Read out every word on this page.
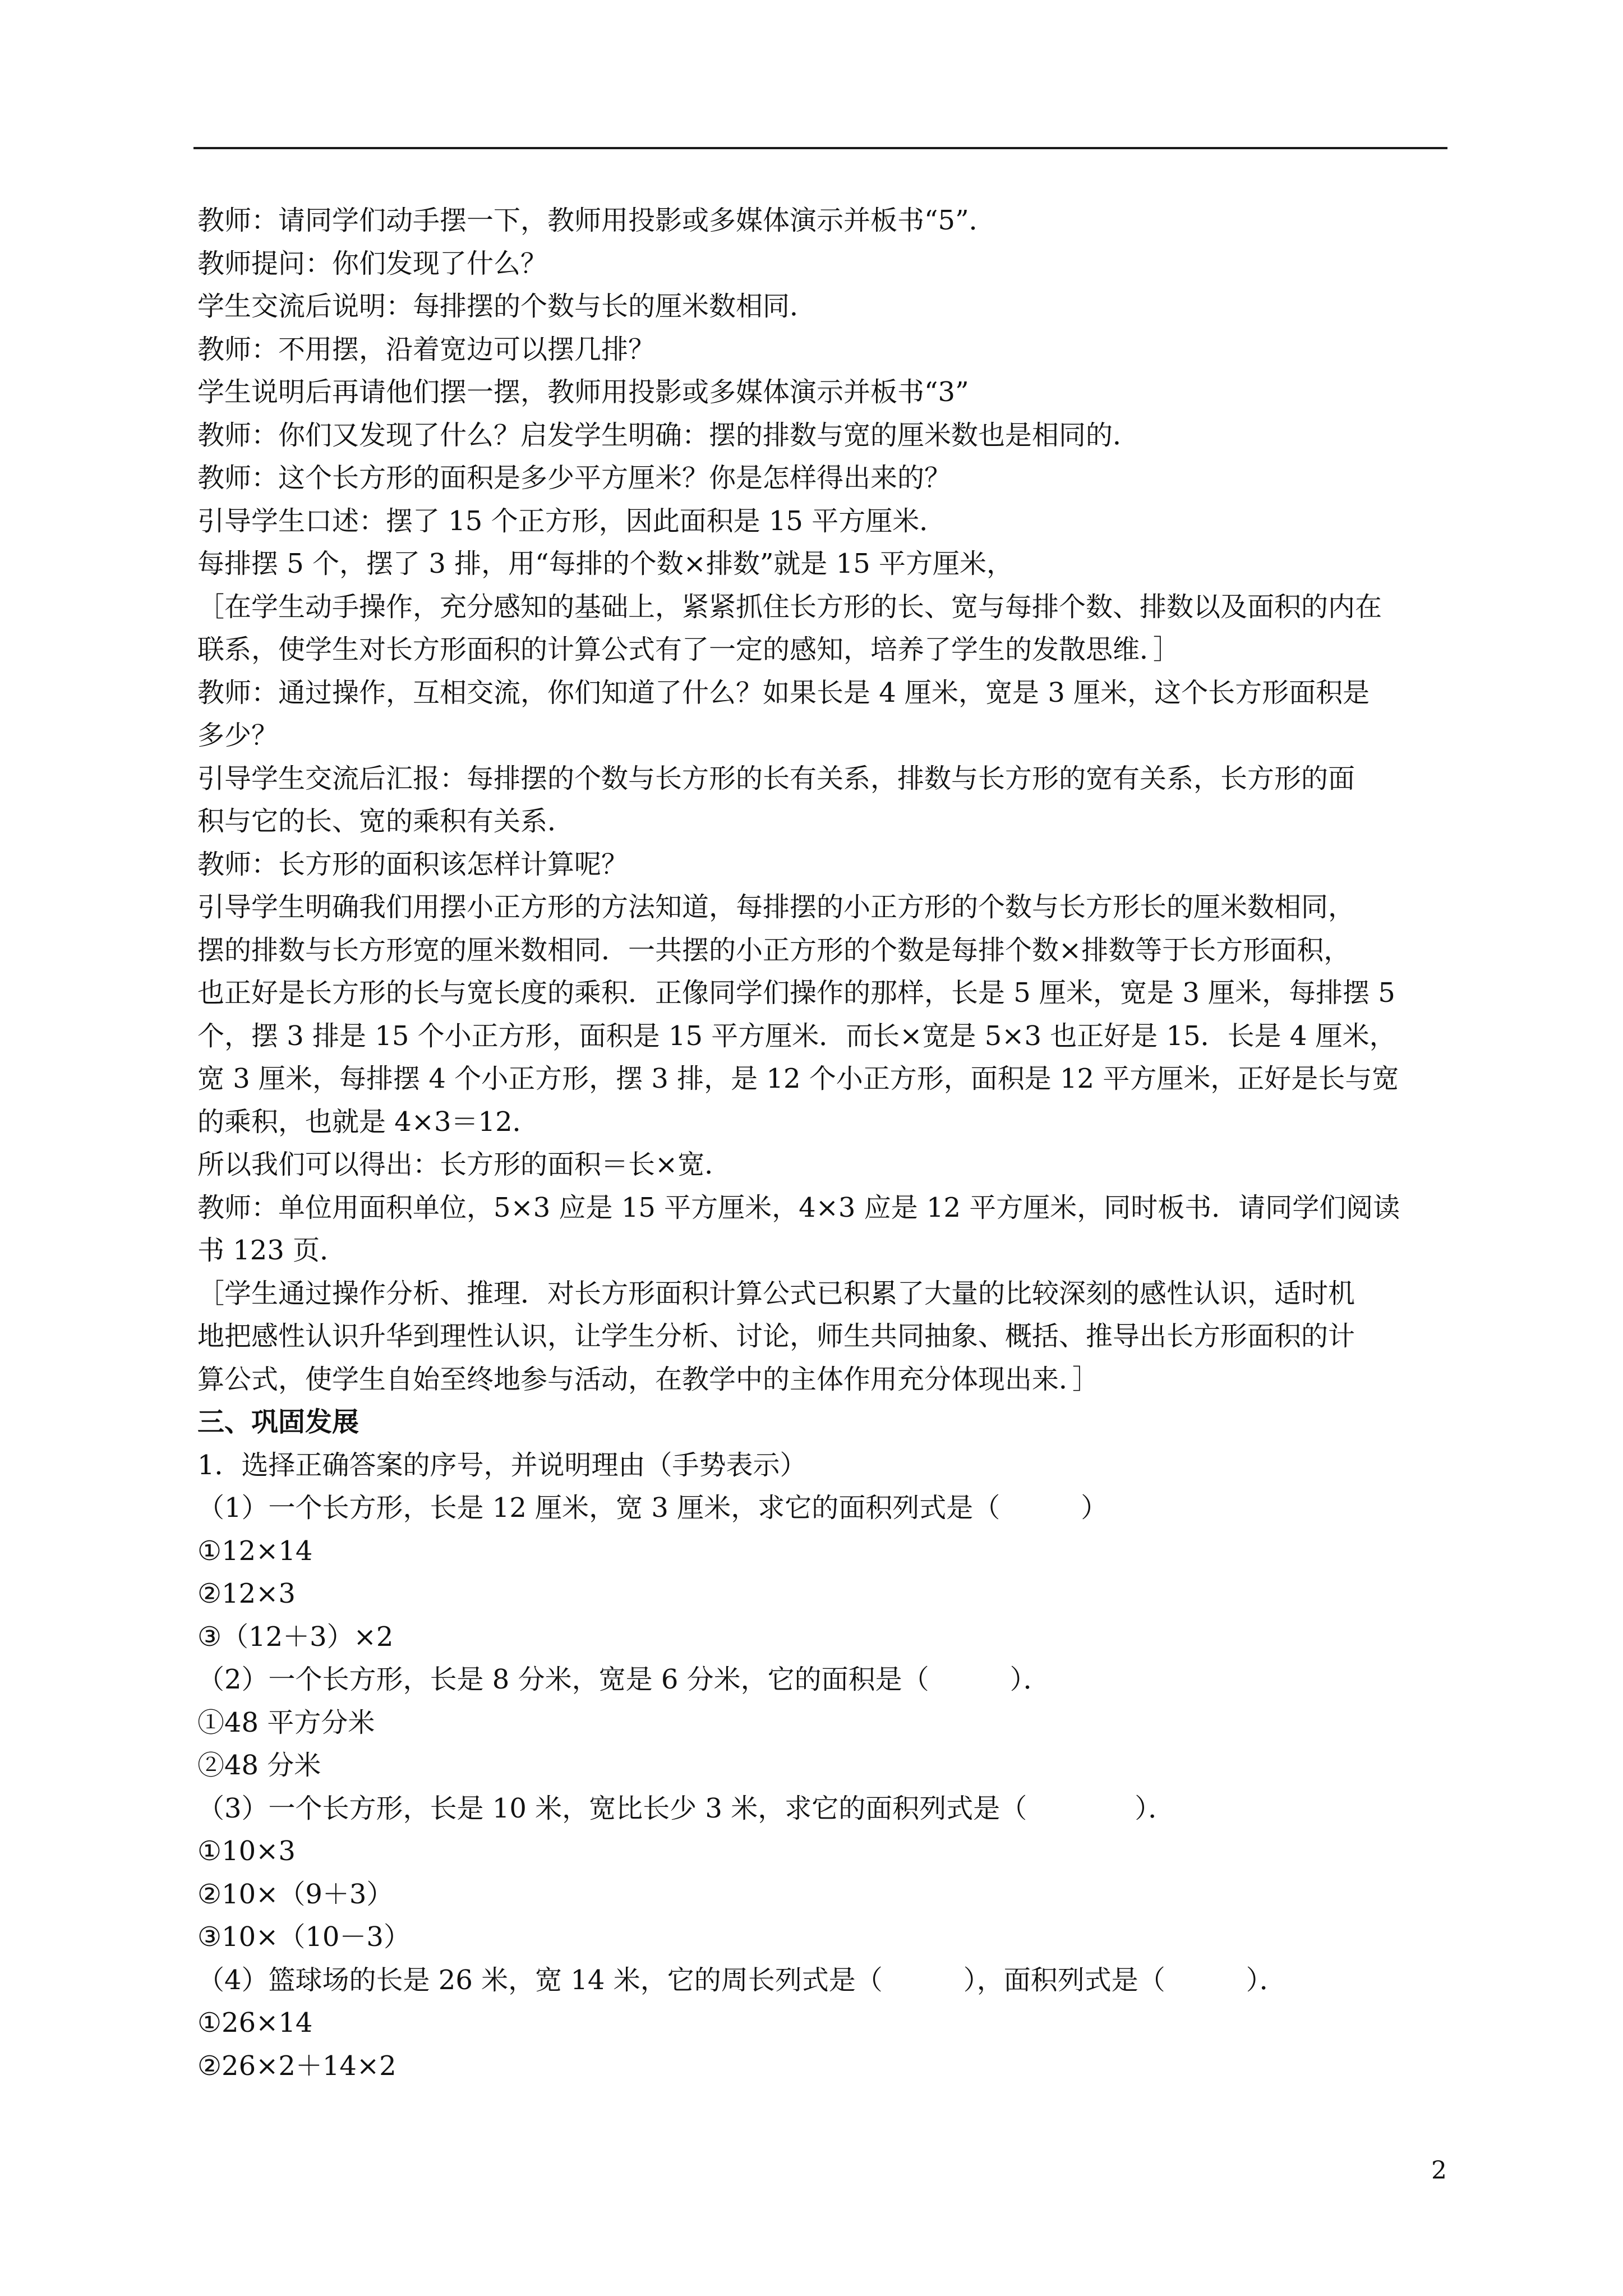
教师：请同学们动手摆一下，教师用投影或多媒体演示并板书“5”．
教师提问：你们发现了什么？
学生交流后说明：每排摆的个数与长的厘米数相同．
教师：不用摆，沿着宽边可以摆几排？
学生说明后再请他们摆一摆，教师用投影或多媒体演示并板书“3”
教师：你们又发现了什么？启发学生明确：摆的排数与宽的厘米数也是相同的．
教师：这个长方形的面积是多少平方厘米？你是怎样得出来的？
引导学生口述：摆了 15 个正方形，因此面积是 15 平方厘米．
每排摆 5 个，摆了 3 排，用“每排的个数×排数”就是 15 平方厘米，
［在学生动手操作，充分感知的基础上，紧紧抓住长方形的长、宽与每排个数、排数以及面积的内在
联系，使学生对长方形面积的计算公式有了一定的感知，培养了学生的发散思维．］
教师：通过操作，互相交流，你们知道了什么？如果长是 4 厘米，宽是 3 厘米，这个长方形面积是
多少？
引导学生交流后汇报：每排摆的个数与长方形的长有关系，排数与长方形的宽有关系，长方形的面
积与它的长、宽的乘积有关系．
教师：长方形的面积该怎样计算呢？
引导学生明确我们用摆小正方形的方法知道，每排摆的小正方形的个数与长方形长的厘米数相同，
摆的排数与长方形宽的厘米数相同．一共摆的小正方形的个数是每排个数×排数等于长方形面积，
也正好是长方形的长与宽长度的乘积．正像同学们操作的那样，长是 5 厘米，宽是 3 厘米，每排摆 5
个，摆 3 排是 15 个小正方形，面积是 15 平方厘米．而长×宽是 5×3 也正好是 15．长是 4 厘米，
宽 3 厘米，每排摆 4 个小正方形，摆 3 排，是 12 个小正方形，面积是 12 平方厘米，正好是长与宽
的乘积，也就是 4×3＝12．
所以我们可以得出：长方形的面积＝长×宽．
教师：单位用面积单位，5×3 应是 15 平方厘米，4×3 应是 12 平方厘米，同时板书．请同学们阅读
书 123 页．
［学生通过操作分析、推理．对长方形面积计算公式已积累了大量的比较深刻的感性认识，适时机
地把感性认识升华到理性认识，让学生分析、讨论，师生共同抽象、概括、推导出长方形面积的计
算公式，使学生自始至终地参与活动，在教学中的主体作用充分体现出来．］
三、巩固发展
1．选择正确答案的序号，并说明理由（手势表示）
（1）一个长方形，长是 12 厘米，宽 3 厘米，求它的面积列式是（　　　）
①12×14
②12×3
③（12＋3）×2
（2）一个长方形，长是 8 分米，宽是 6 分米，它的面积是（　　　）．
①48 平方分米
②48 分米
（3）一个长方形，长是 10 米，宽比长少 3 米，求它的面积列式是（　　　　）．
①10×3
②10×（9＋3）
③10×（10－3）
（4）篮球场的长是 26 米，宽 14 米，它的周长列式是（　　　），面积列式是（　　　）．
①26×14
②26×2＋14×2
2
